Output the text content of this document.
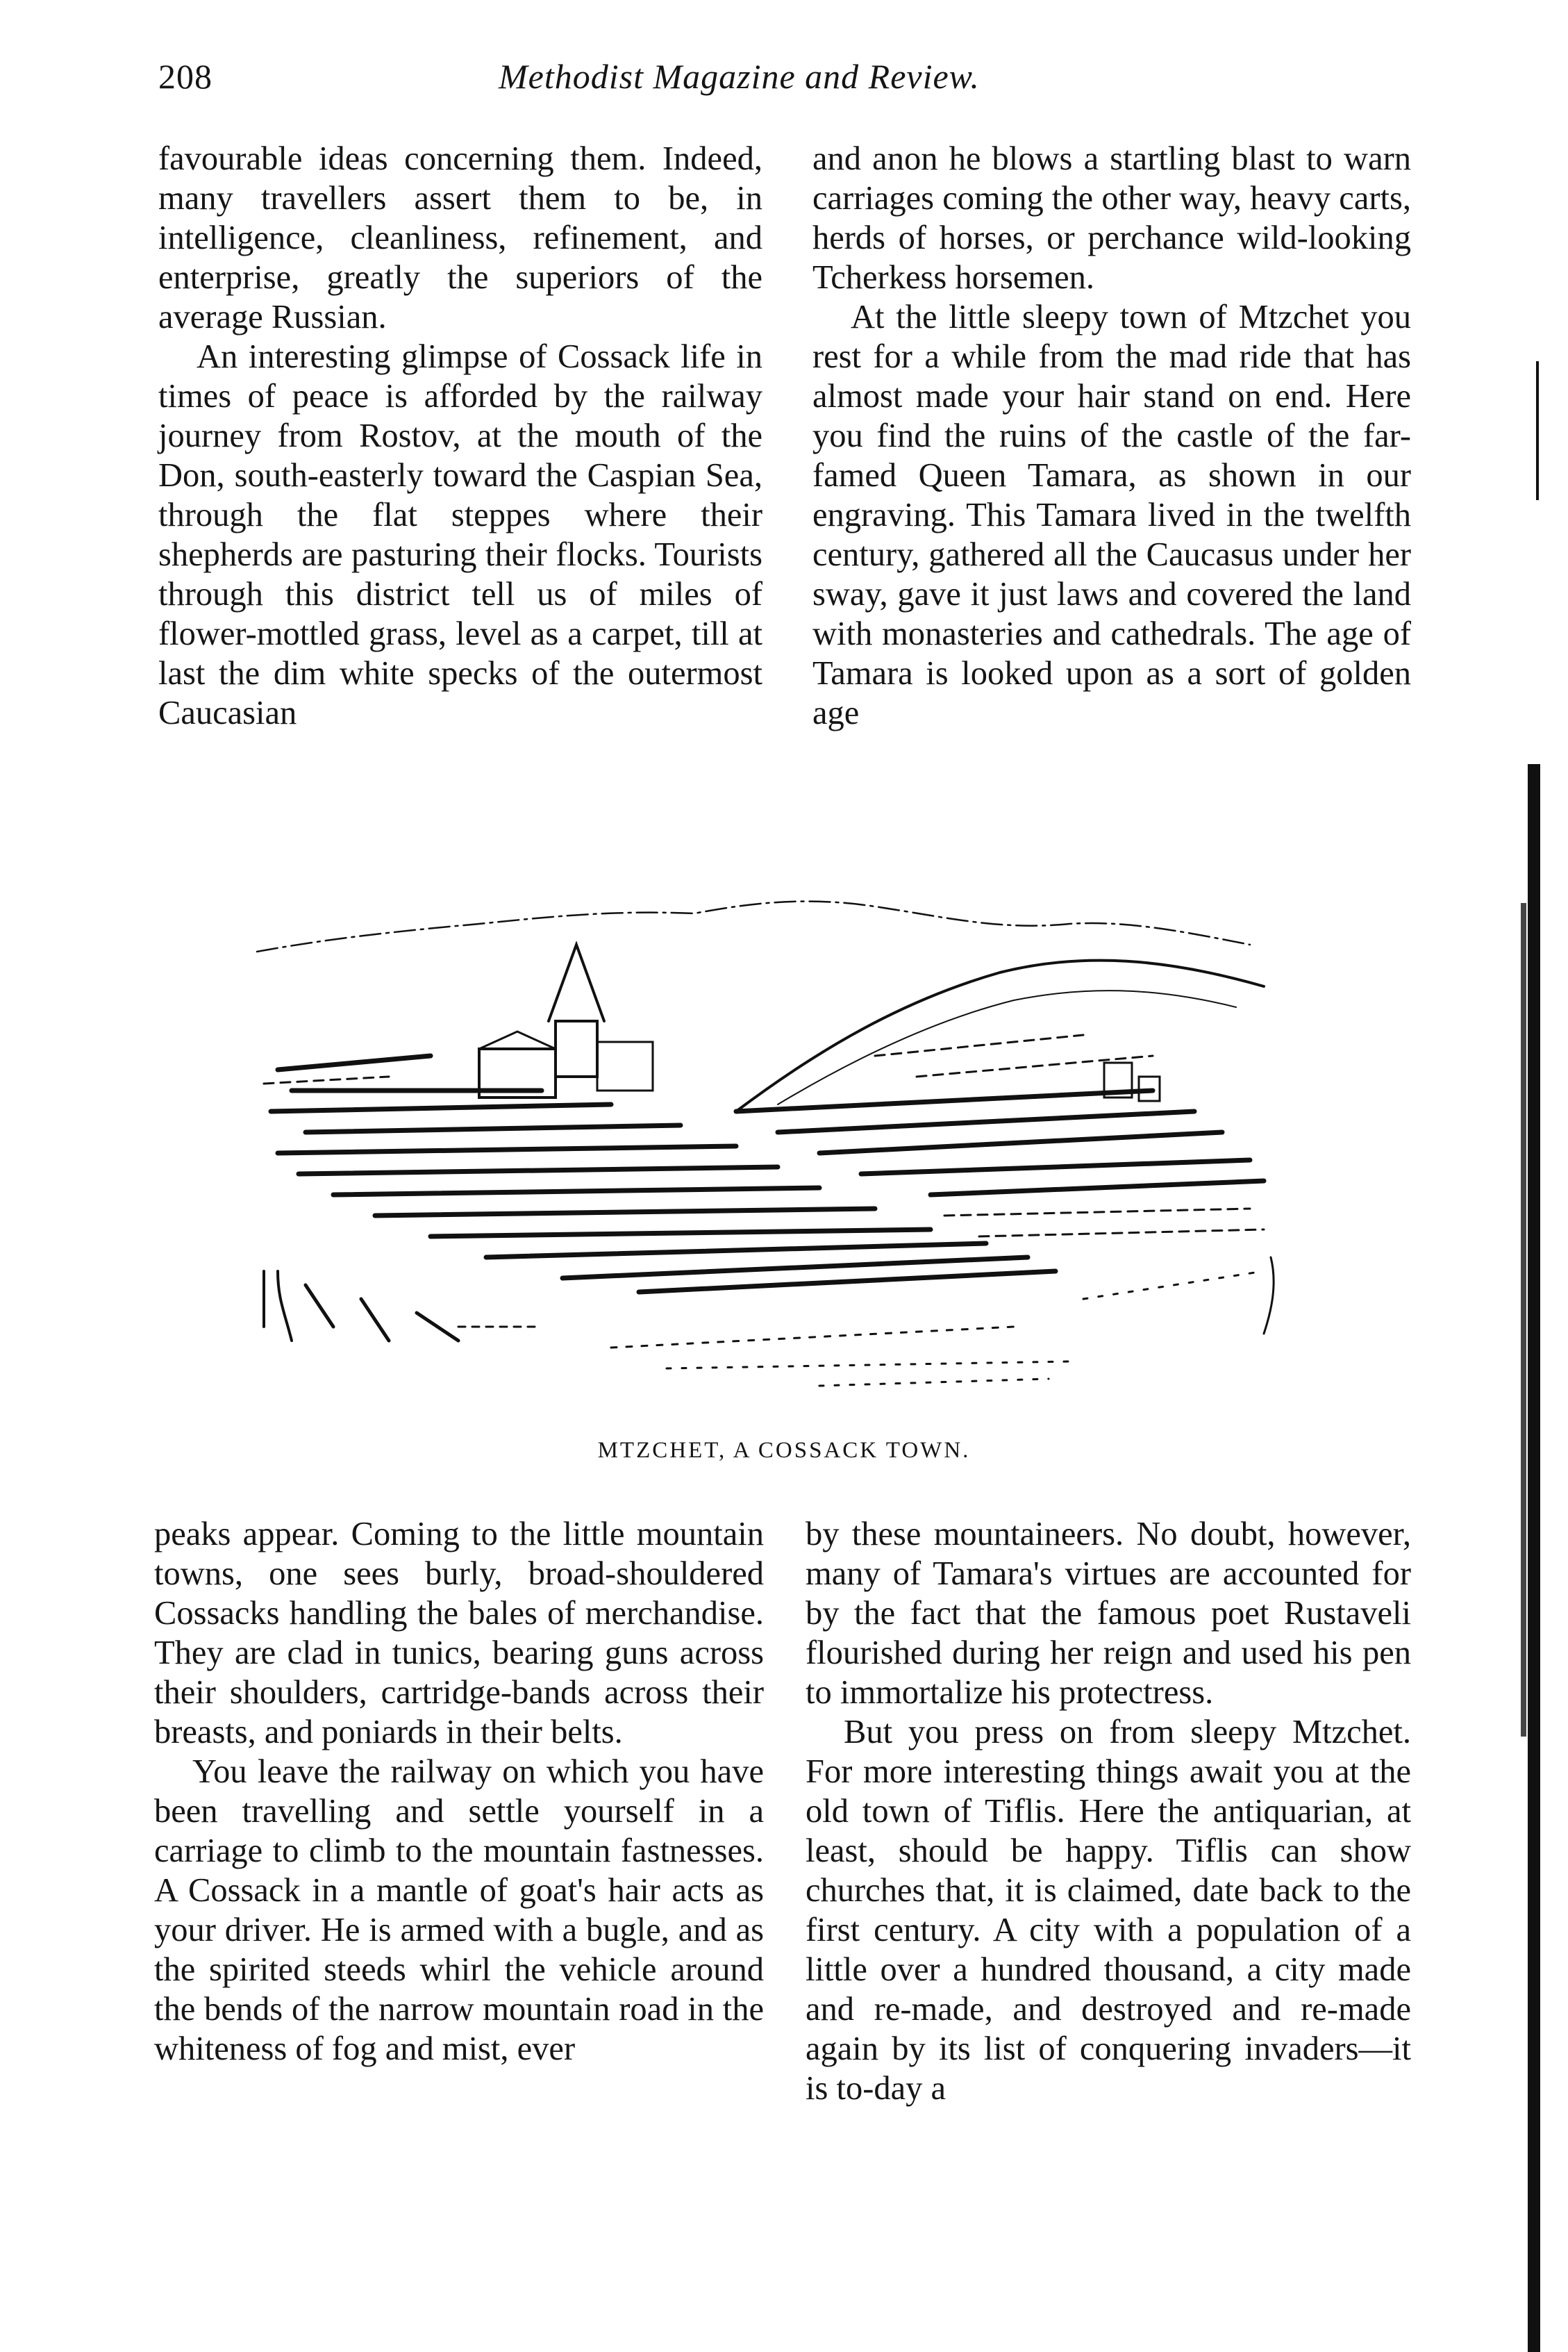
208	Methodist Magazine and Review.

favourable ideas concerning them. Indeed, many travellers assert them to be, in intelligence, cleanliness, refinement, and enterprise, greatly the superiors of the average Russian.

An interesting glimpse of Cossack life in times of peace is afforded by the railway journey from Rostov, at the mouth of the Don, south-easterly toward the Caspian Sea, through the flat steppes where their shepherds are pasturing their flocks. Tourists through this district tell us of miles of flower-mottled grass, level as a carpet, till at last the dim white specks of the outermost Caucasian

and anon he blows a startling blast to warn carriages coming the other way, heavy carts, herds of horses, or perchance wild-looking Tcherkess horsemen.

At the little sleepy town of Mtzchet you rest for a while from the mad ride that has almost made your hair stand on end. Here you find the ruins of the castle of the far-famed Queen Tamara, as shown in our engraving. This Tamara lived in the twelfth century, gathered all the Caucasus under her sway, gave it just laws and covered the land with monasteries and cathedrals. The age of Tamara is looked upon as a sort of golden age

MTZCHET, A COSSACK TOWN.

peaks appear. Coming to the little mountain towns, one sees burly, broad-shouldered Cossacks handling the bales of merchandise. They are clad in tunics, bearing guns across their shoulders, cartridge-bands across their breasts, and poniards in their belts.

You leave the railway on which you have been travelling and settle yourself in a carriage to climb to the mountain fastnesses. A Cossack in a mantle of goat's hair acts as your driver. He is armed with a bugle, and as the spirited steeds whirl the vehicle around the bends of the narrow mountain road in the whiteness of fog and mist, ever

by these mountaineers. No doubt, however, many of Tamara's virtues are accounted for by the fact that the famous poet Rustaveli flourished during her reign and used his pen to immortalize his protectress.

But you press on from sleepy Mtzchet. For more interesting things await you at the old town of Tiflis. Here the antiquarian, at least, should be happy. Tiflis can show churches that, it is claimed, date back to the first century. A city with a population of a little over a hundred thousand, a city made and re-made, and destroyed and re-made again by its list of conquering invaders—it is to-day a
